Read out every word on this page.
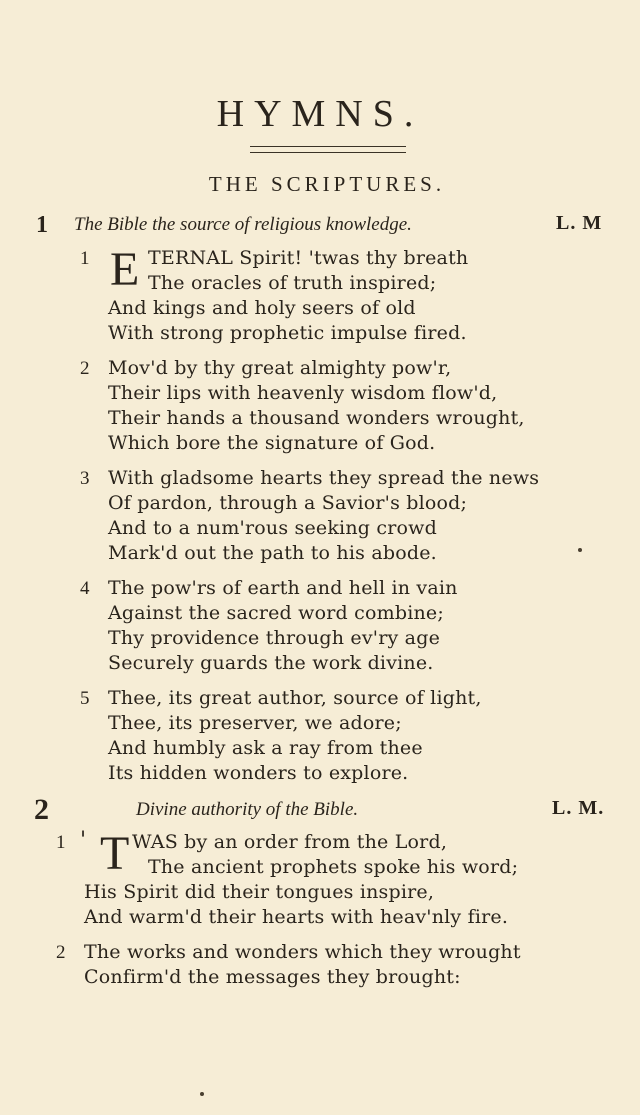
HYMNS.
THE SCRIPTURES.
1 The Bible the source of religious knowledge.	L. M
1 E TERNAL Spirit! 'twas thy breath
The oracles of truth inspired;
And kings and holy seers of old
With strong prophetic impulse fired.
2 Mov'd by thy great almighty pow'r,
Their lips with heavenly wisdom flow'd,
Their hands a thousand wonders wrought,
Which bore the signature of God.
3 With gladsome hearts they spread the news
Of pardon, through a Savior's blood;
And to a num'rous seeking crowd
Mark'd out the path to his abode.
4 The pow'rs of earth and hell in vain
Against the sacred word combine;
Thy providence through ev'ry age
Securely guards the work divine.
5 Thee, its great author, source of light,
Thee, its preserver, we adore;
And humbly ask a ray from thee
Its hidden wonders to explore.
2	Divine authority of the Bible.	L. M.
1 ' T WAS by an order from the Lord,
The ancient prophets spoke his word;
His Spirit did their tongues inspire,
And warm'd their hearts with heav'nly fire.
2 The works and wonders which they wrought
Confirm'd the messages they brought:
